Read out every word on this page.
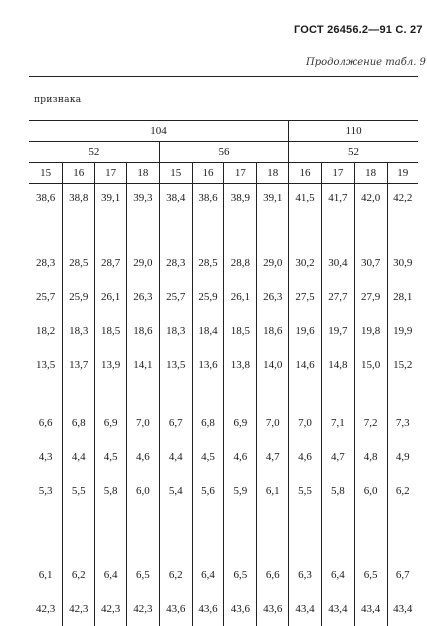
ГОСТ 26456.2—91 С. 27
Продолжение табл. 9
признака
104								110			
52				56				52			
15	16	17	18	15	16	17	18	16	17	18	19
38,6	38,8	39,1	39,3	38,4	38,6	38,9	39,1	41,5	41,7	42,0	42,2

28,3	28,5	28,7	29,0	28,3	28,5	28,8	29,0	30,2	30,4	30,7	30,9
25,7	25,9	26,1	26,3	25,7	25,9	26,1	26,3	27,5	27,7	27,9	28,1
18,2	18,3	18,5	18,6	18,3	18,4	18,5	18,6	19,6	19,7	19,8	19,9
13,5	13,7	13,9	14,1	13,5	13,6	13,8	14,0	14,6	14,8	15,0	15,2

6,6	6,8	6,9	7,0	6,7	6,8	6,9	7,0	7,0	7,1	7,2	7,3
4,3	4,4	4,5	4,6	4,4	4,5	4,6	4,7	4,6	4,7	4,8	4,9
5,3	5,5	5,8	6,0	5,4	5,6	5,9	6,1	5,5	5,8	6,0	6,2

6,1	6,2	6,4	6,5	6,2	6,4	6,5	6,6	6,3	6,4	6,5	6,7
42,3	42,3	42,3	42,3	43,6	43,6	43,6	43,6	43,4	43,4	43,4	43,4
